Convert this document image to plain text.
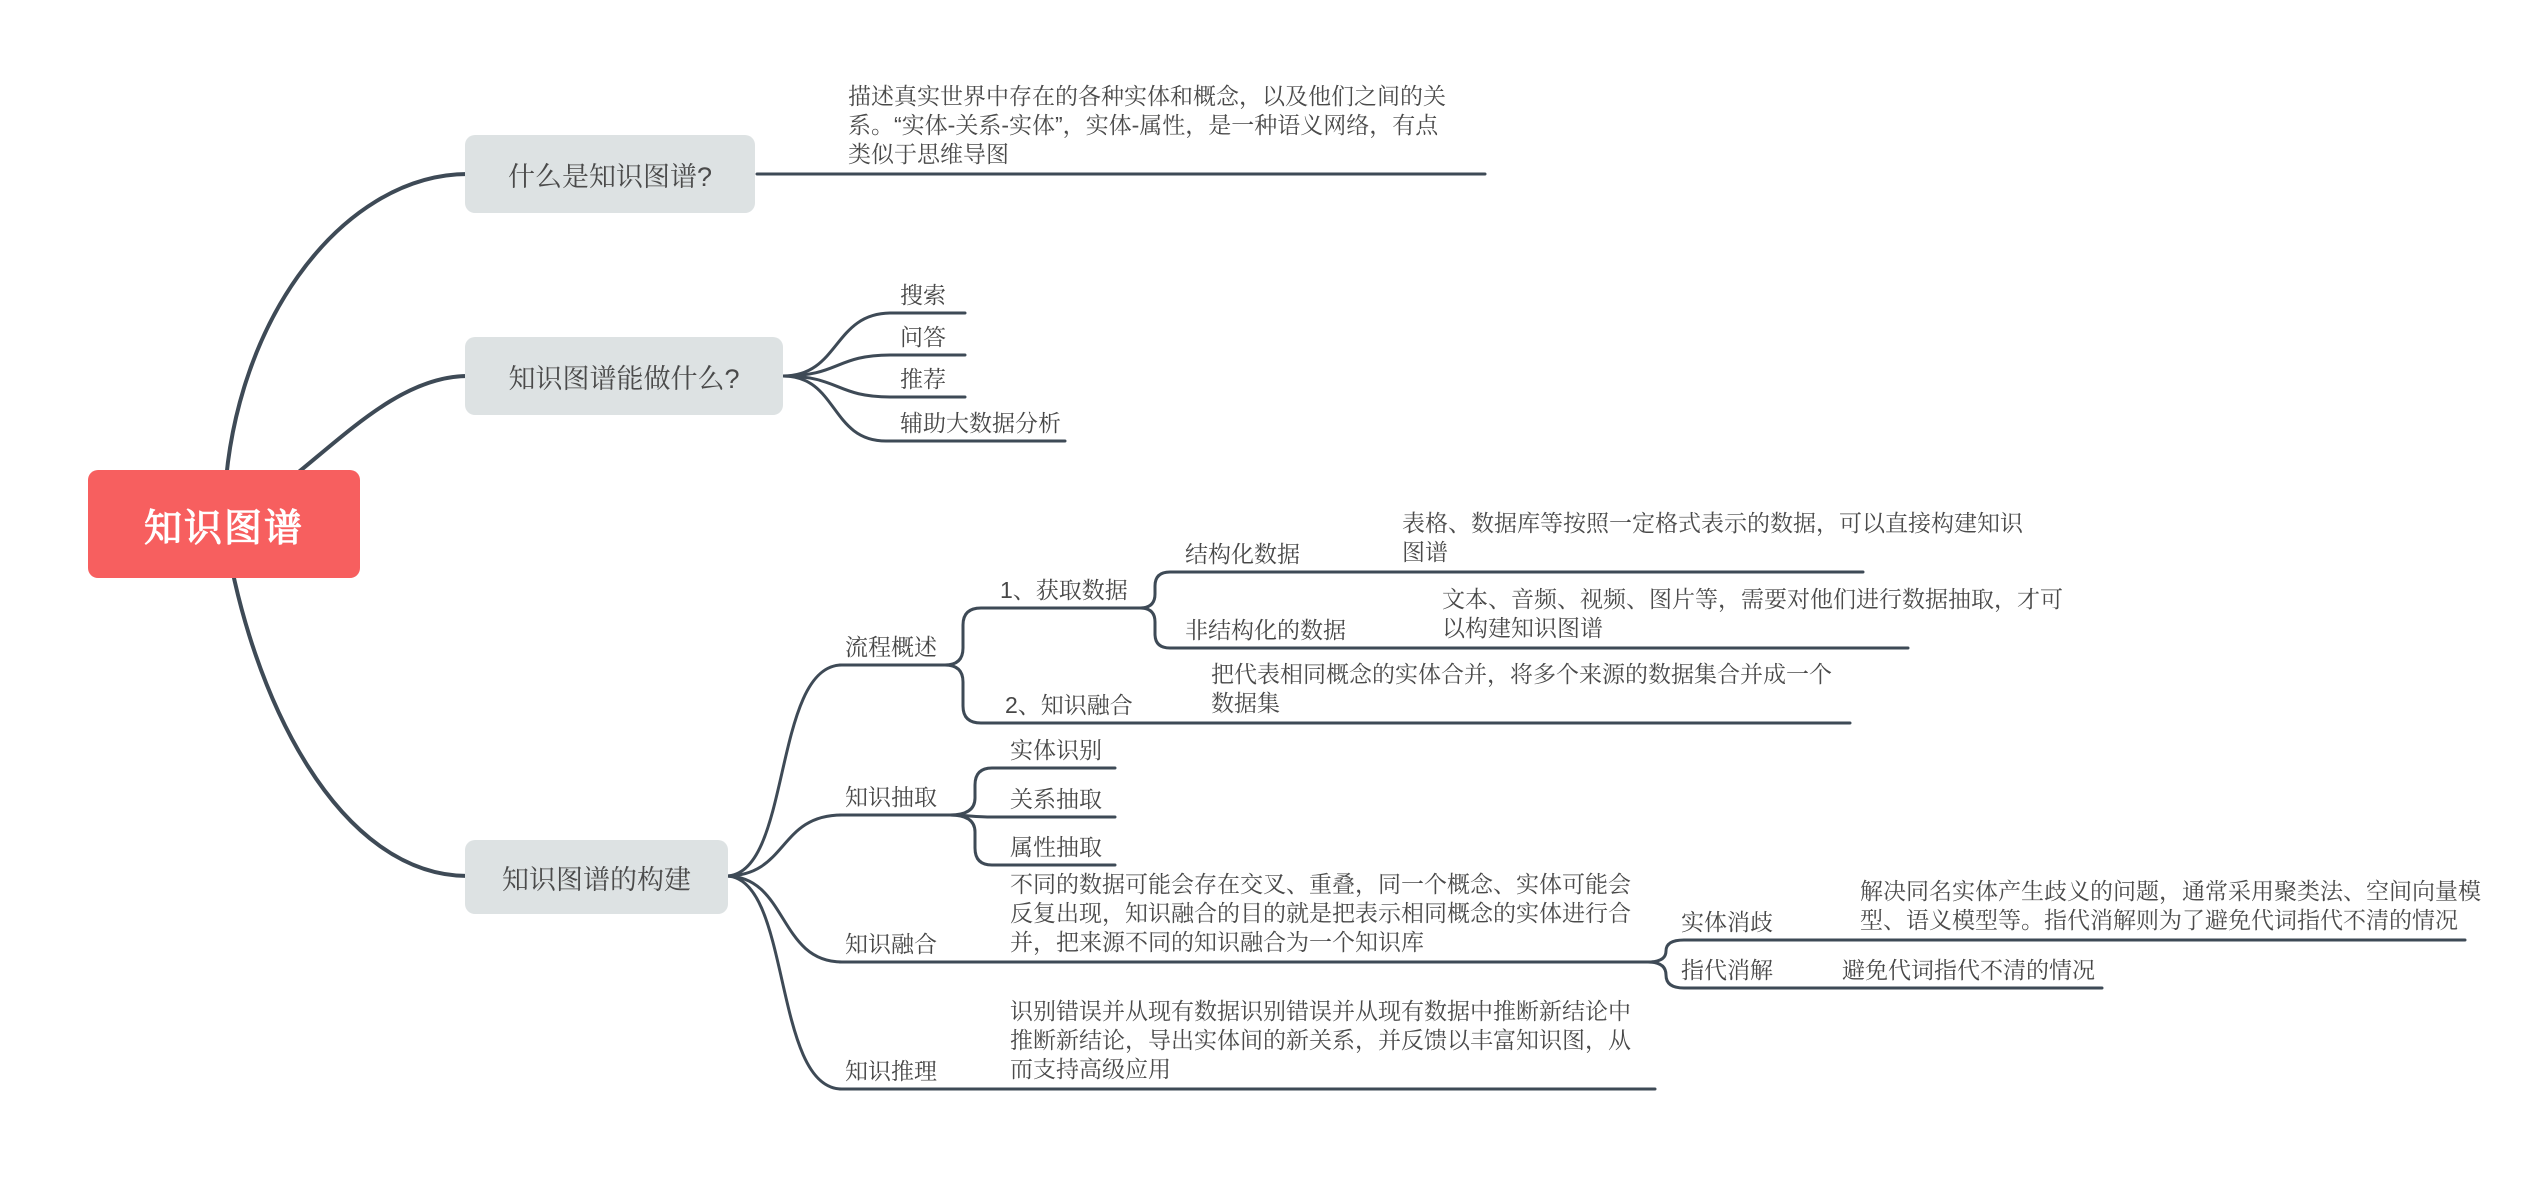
知识图谱
什么是知识图谱?
知识图谱能做什么?
知识图谱的构建
描述真实世界中存在的各种实体和概念，以及他们之间的关系。“实体-关系-实体”，实体-属性，是一种语义网络，有点类似于思维导图
搜索
问答
推荐
辅助大数据分析
流程概述
1、获取数据
结构化数据
表格、数据库等按照一定格式表示的数据，可以直接构建知识图谱
非结构化的数据
文本、音频、视频、图片等，需要对他们进行数据抽取，才可以构建知识图谱
2、知识融合
把代表相同概念的实体合并，将多个来源的数据集合并成一个数据集
知识抽取
实体识别
关系抽取
属性抽取
知识融合
不同的数据可能会存在交叉、重叠，同一个概念、实体可能会反复出现，知识融合的目的就是把表示相同概念的实体进行合并，把来源不同的知识融合为一个知识库
实体消歧
解决同名实体产生歧义的问题，通常采用聚类法、空间向量模型、语义模型等。指代消解则为了避免代词指代不清的情况
指代消解	避免代词指代不清的情况
知识推理
识别错误并从现有数据识别错误并从现有数据中推断新结论中推断新结论，导出实体间的新关系，并反馈以丰富知识图，从而支持高级应用
